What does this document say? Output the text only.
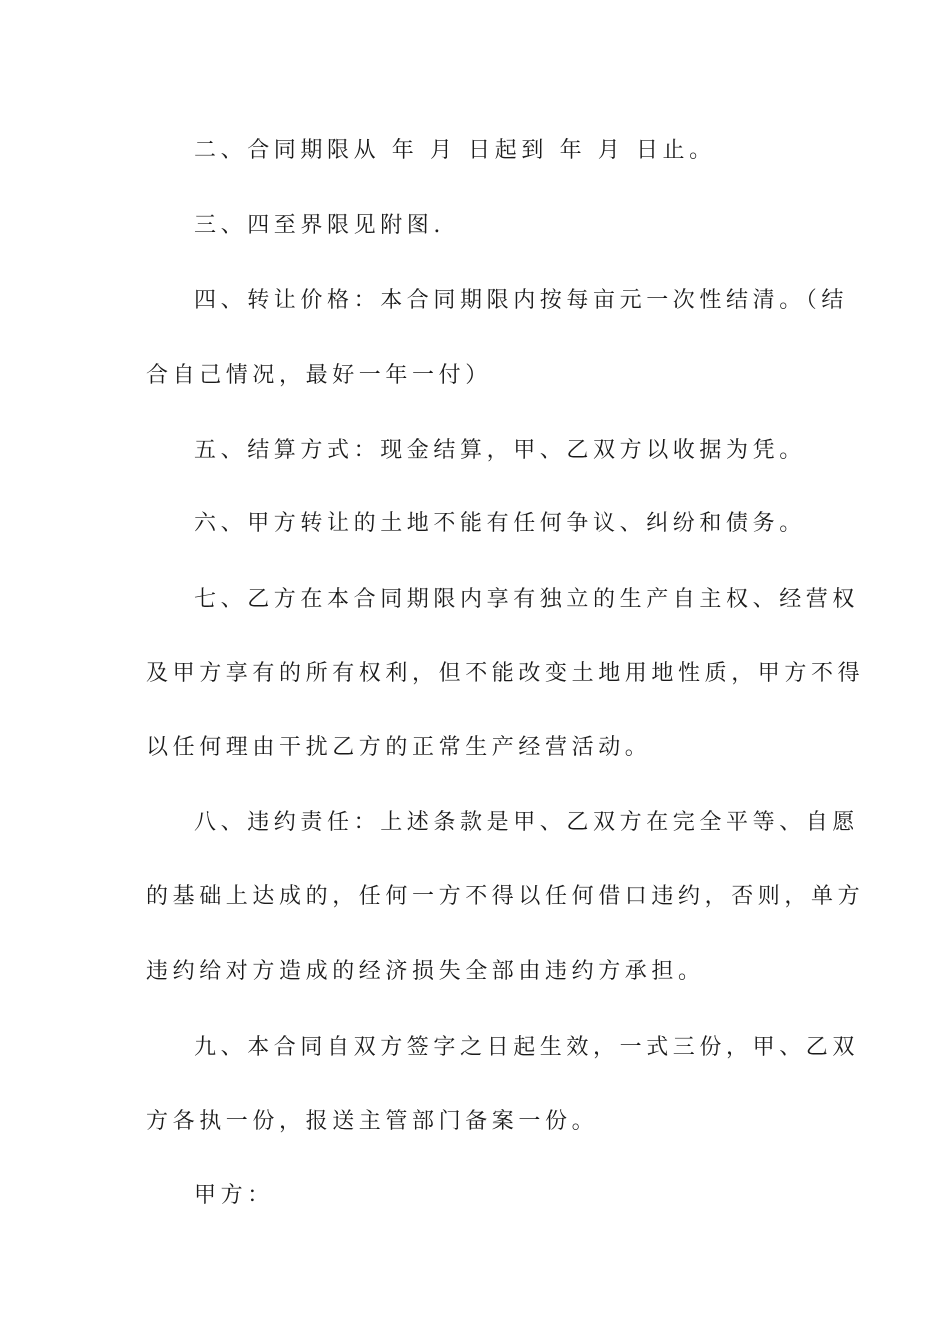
二、合同期限从 年 月 日起到 年 月 日止。

三、四至界限见附图.

四、转让价格：本合同期限内按每亩元一次性结清。（结

合自己情况，最好一年一付）

五、结算方式：现金结算，甲、乙双方以收据为凭。

六、甲方转让的土地不能有任何争议、纠纷和债务。

七、乙方在本合同期限内享有独立的生产自主权、经营权

及甲方享有的所有权利，但不能改变土地用地性质，甲方不得

以任何理由干扰乙方的正常生产经营活动。

八、违约责任：上述条款是甲、乙双方在完全平等、自愿

的基础上达成的，任何一方不得以任何借口违约，否则，单方

违约给对方造成的经济损失全部由违约方承担。

九、本合同自双方签字之日起生效，一式三份，甲、乙双

方各执一份，报送主管部门备案一份。

甲方：
